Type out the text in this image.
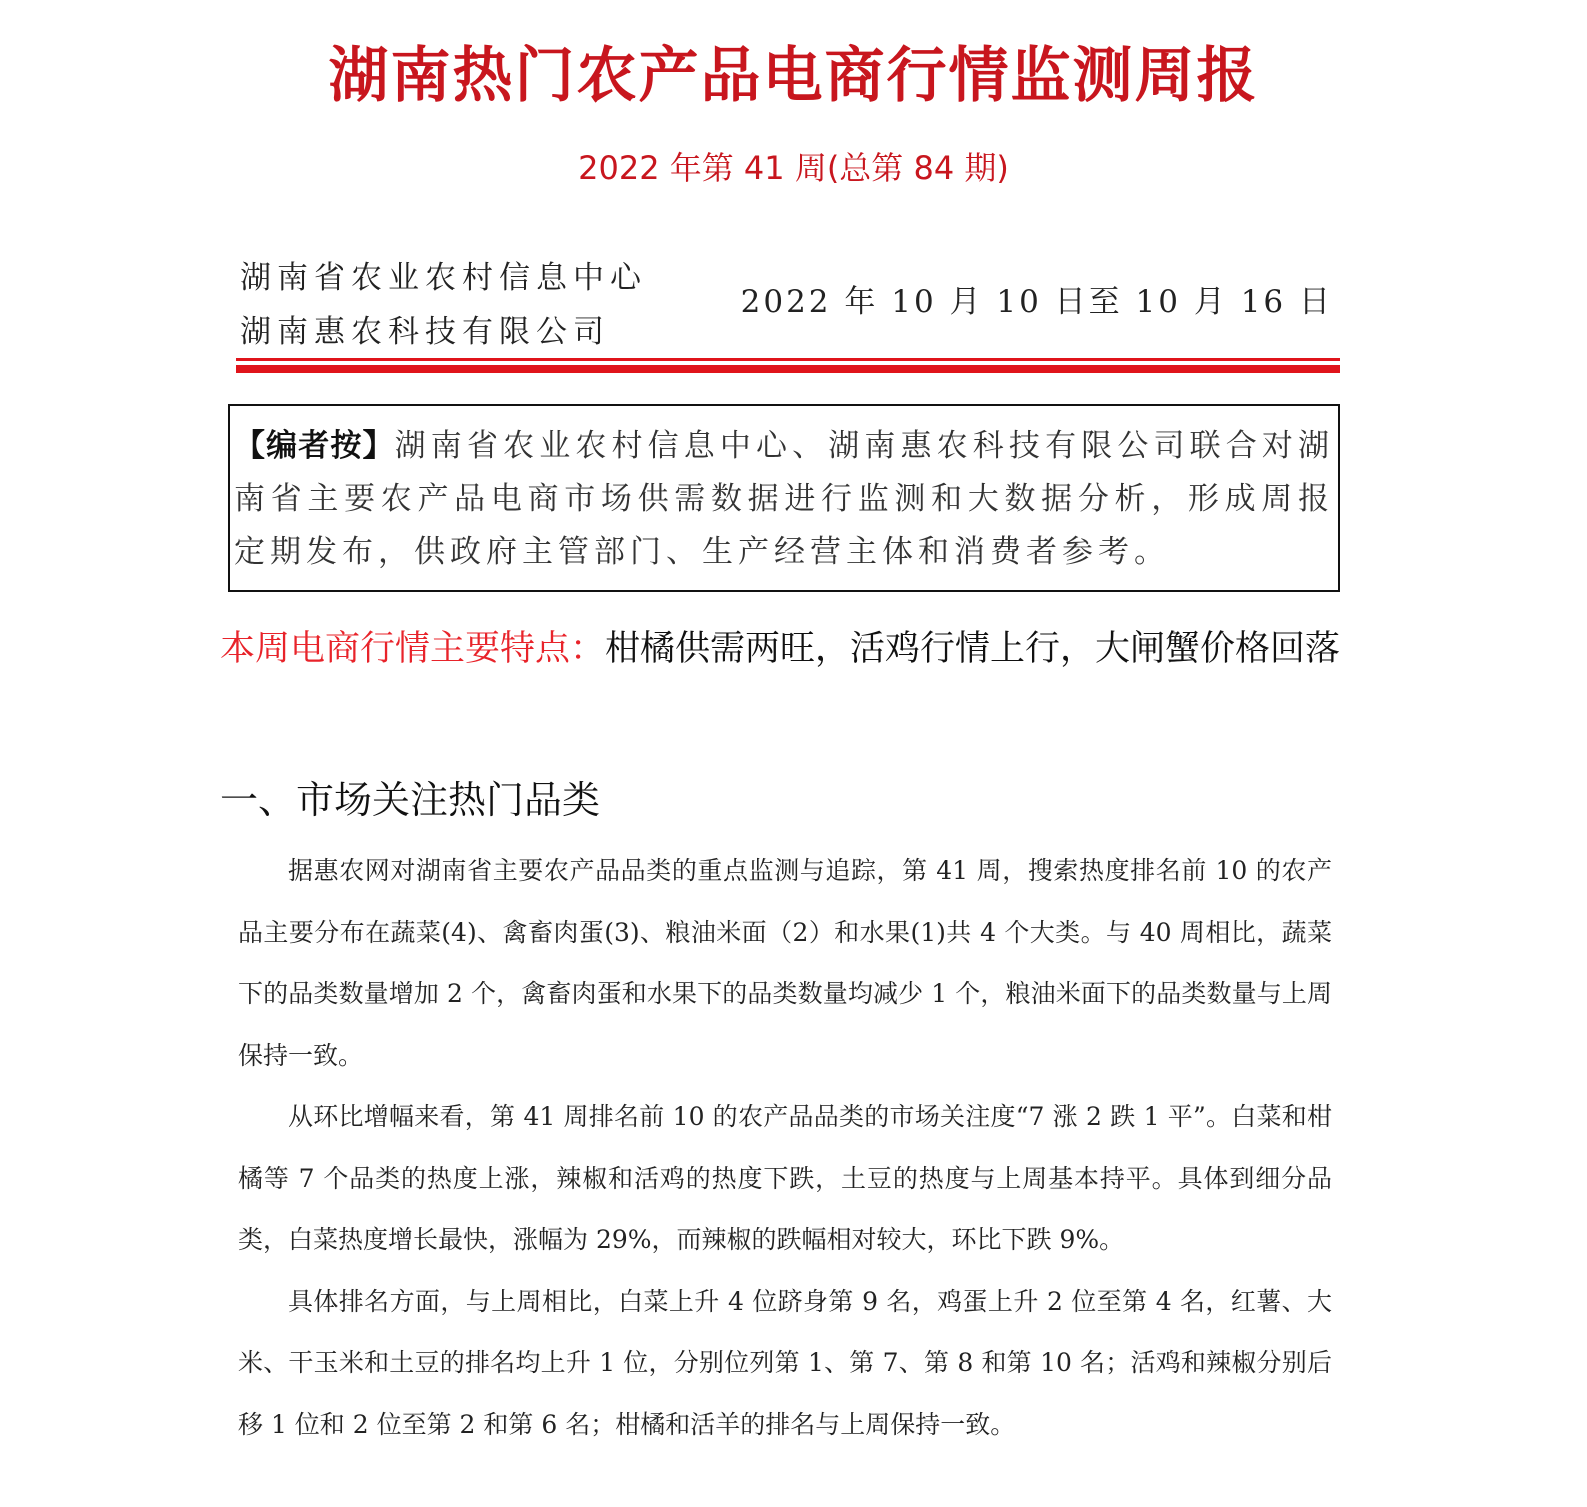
湖南热门农产品电商行情监测周报
2022 年第 41 周(总第 84 期)
湖南省农业农村信息中心
湖南惠农科技有限公司
2022 年 10 月 10 日至 10 月 16 日
【编者按】湖南省农业农村信息中心、湖南惠农科技有限公司联合对湖南省主要农产品电商市场供需数据进行监测和大数据分析，形成周报定期发布，供政府主管部门、生产经营主体和消费者参考。
本周电商行情主要特点：柑橘供需两旺，活鸡行情上行，大闸蟹价格回落
一、市场关注热门品类

据惠农网对湖南省主要农产品品类的重点监测与追踪，第 41 周，搜索热度排名前 10 的农产品主要分布在蔬菜(4)、禽畜肉蛋(3)、粮油米面（2）和水果(1)共 4 个大类。与 40 周相比，蔬菜下的品类数量增加 2 个，禽畜肉蛋和水果下的品类数量均减少 1 个，粮油米面下的品类数量与上周保持一致。

从环比增幅来看，第 41 周排名前 10 的农产品品类的市场关注度“7 涨 2 跌 1 平”。白菜和柑橘等 7 个品类的热度上涨，辣椒和活鸡的热度下跌，土豆的热度与上周基本持平。具体到细分品类，白菜热度增长最快，涨幅为 29%，而辣椒的跌幅相对较大，环比下跌 9%。

具体排名方面，与上周相比，白菜上升 4 位跻身第 9 名，鸡蛋上升 2 位至第 4 名，红薯、大米、干玉米和土豆的排名均上升 1 位，分别位列第 1、第 7、第 8 和第 10 名；活鸡和辣椒分别后移 1 位和 2 位至第 2 和第 6 名；柑橘和活羊的排名与上周保持一致。
